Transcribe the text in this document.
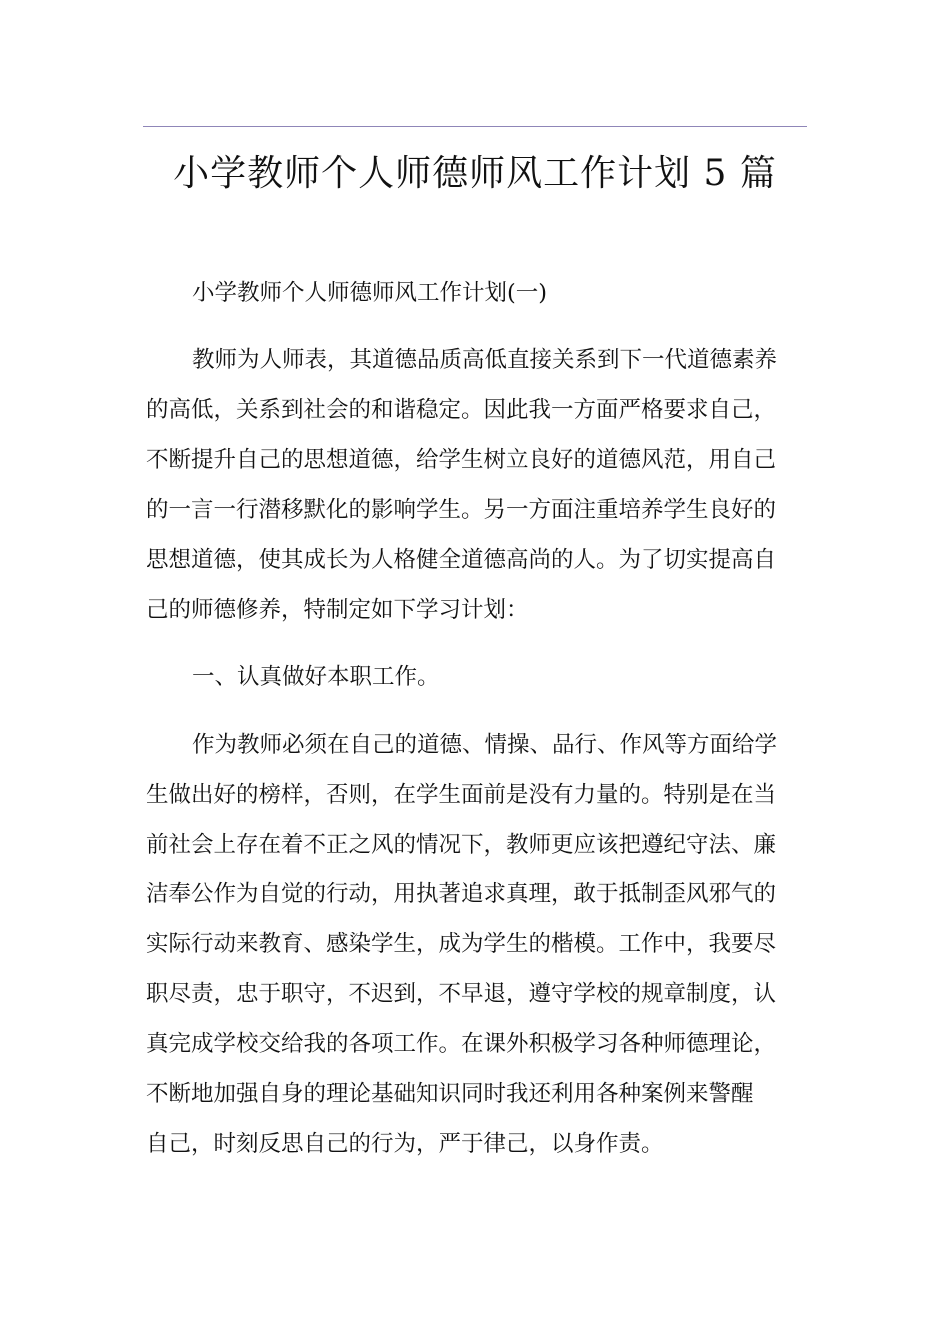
小学教师个人师德师风工作计划 5 篇
小学教师个人师德师风工作计划(一)
教师为人师表，其道德品质高低直接关系到下一代道德素养
的高低，关系到社会的和谐稳定。因此我一方面严格要求自己，
不断提升自己的思想道德，给学生树立良好的道德风范，用自己
的一言一行潜移默化的影响学生。另一方面注重培养学生良好的
思想道德，使其成长为人格健全道德高尚的人。为了切实提高自
己的师德修养，特制定如下学习计划：
一、认真做好本职工作。
作为教师必须在自己的道德、情操、品行、作风等方面给学
生做出好的榜样，否则，在学生面前是没有力量的。特别是在当
前社会上存在着不正之风的情况下，教师更应该把遵纪守法、廉
洁奉公作为自觉的行动，用执著追求真理，敢于抵制歪风邪气的
实际行动来教育、感染学生，成为学生的楷模。工作中，我要尽
职尽责，忠于职守，不迟到，不早退，遵守学校的规章制度，认
真完成学校交给我的各项工作。在课外积极学习各种师德理论，
不断地加强自身的理论基础知识同时我还利用各种案例来警醒
自己，时刻反思自己的行为，严于律己，以身作责。
